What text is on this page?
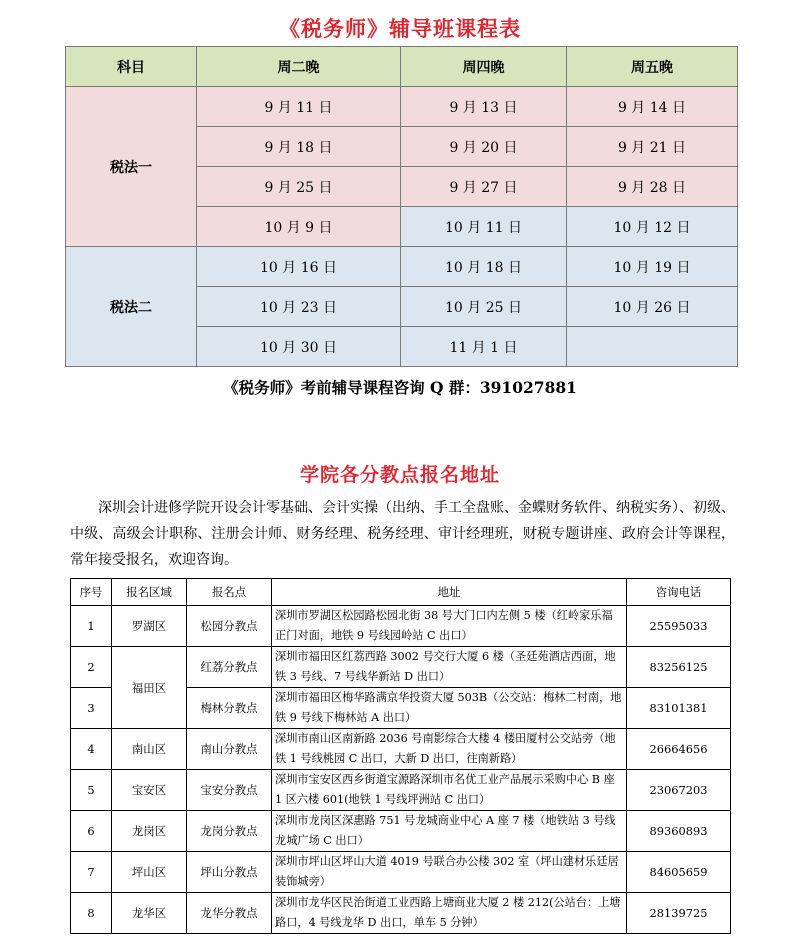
《税务师》辅导班课程表
科目	周二晚	周四晚	周五晚
税法一	9 月 11 日	9 月 13 日	9 月 14 日
	9 月 18 日	9 月 20 日	9 月 21 日
	9 月 25 日	9 月 27 日	9 月 28 日
	10 月 9 日	10 月 11 日	10 月 12 日
税法二	10 月 16 日	10 月 18 日	10 月 19 日
	10 月 23 日	10 月 25 日	10 月 26 日
	10 月 30 日	11 月 1 日	
《税务师》考前辅导课程咨询 Q 群：391027881
学院各分教点报名地址
深圳会计进修学院开设会计零基础、会计实操（出纳、手工全盘账、金蝶财务软件、纳税实务）、初级、中级、高级会计职称、注册会计师、财务经理、税务经理、审计经理班，财税专题讲座、政府会计等课程，常年接受报名，欢迎咨询。
序号	报名区域	报名点	地址	咨询电话
1	罗湖区	松园分教点	深圳市罗湖区松园路松园北街 38 号大门口内左侧 5 楼（红岭家乐福正门对面，地铁 9 号线园岭站 C 出口）	25595033
2	福田区	红荔分教点	深圳市福田区红荔西路 3002 号交行大厦 6 楼（圣廷苑酒店西面，地铁 3 号线、7 号线华新站 D 出口）	83256125
3		梅林分教点	深圳市福田区梅华路满京华投资大厦 503B（公交站：梅林二村南，地铁 9 号线下梅林站 A 出口）	83101381
4	南山区	南山分教点	深圳市南山区南新路 2036 号南影综合大楼 4 楼田厦村公交站旁（地铁 1 号线桃园 C 出口，大新 D 出口，往南新路）	26664656
5	宝安区	宝安分教点	深圳市宝安区西乡街道宝源路深圳市名优工业产品展示采购中心 B 座 1 区六楼 601(地铁 1 号线坪洲站 C 出口）	23067203
6	龙岗区	龙岗分教点	深圳市龙岗区深惠路 751 号龙城商业中心 A 座 7 楼（地铁站 3 号线龙城广场 C 出口）	89360893
7	坪山区	坪山分教点	深圳市坪山区坪山大道 4019 号联合办公楼 302 室（坪山建材乐廷居装饰城旁）	84605659
8	龙华区	龙华分教点	深圳市龙华区民治街道工业西路上塘商业大厦 2 楼 212(公站台：上塘路口，4 号线龙华 D 出口，单车 5 分钟）	28139725
